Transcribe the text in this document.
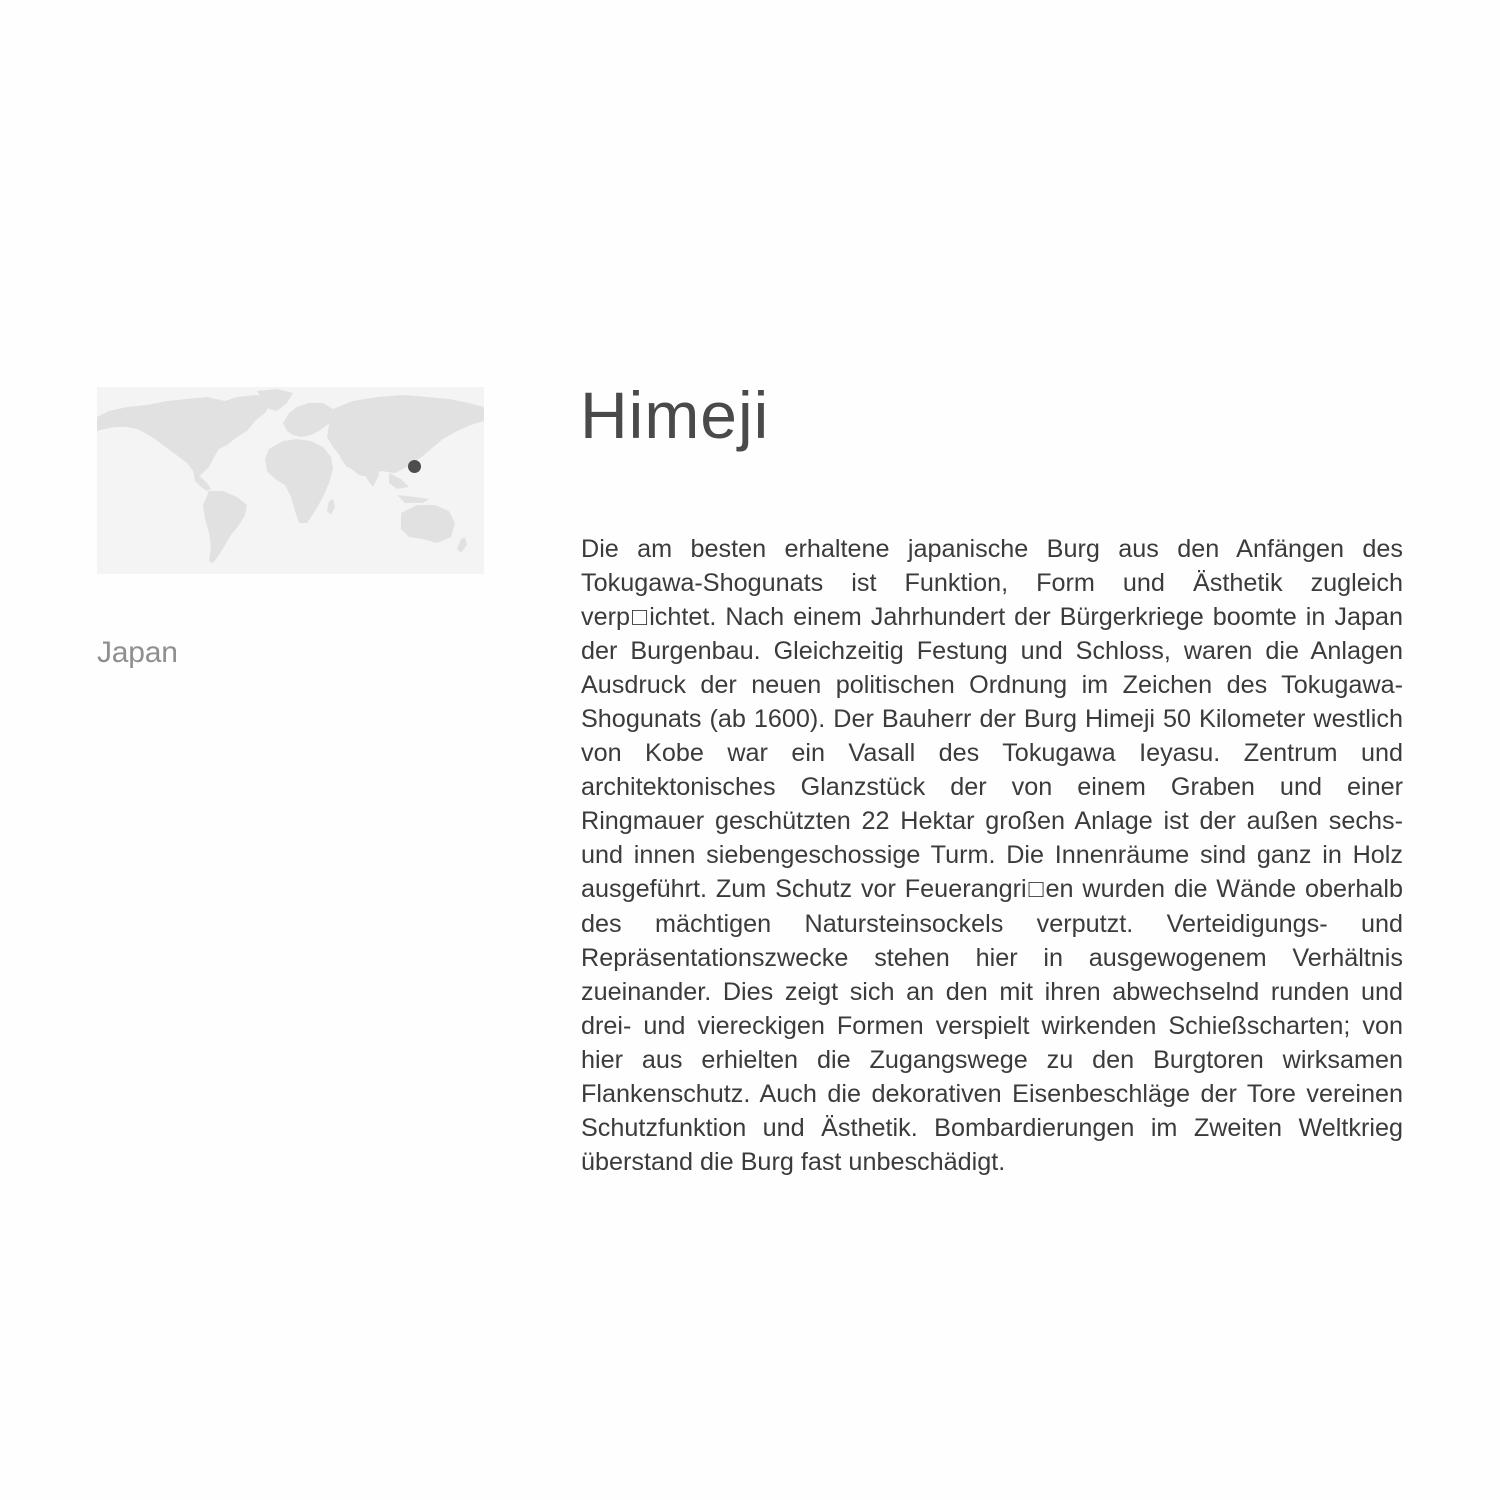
Japan
Himeji

Die am besten erhaltene japanische Burg aus den Anfängen des Tokugawa-Shogunats ist Funktion, Form und Ästhetik zugleich verp□ichtet. Nach einem Jahrhundert der Bürgerkriege boomte in Japan der Burgenbau. Gleichzeitig Festung und Schloss, waren die Anlagen Ausdruck der neuen politischen Ordnung im Zeichen des Tokugawa-Shogunats (ab 1600). Der Bauherr der Burg Himeji 50 Kilometer westlich von Kobe war ein Vasall des Tokugawa Ieyasu. Zentrum und architektonisches Glanzstück der von einem Graben und einer Ringmauer geschützten 22 Hektar großen Anlage ist der außen sechs- und innen siebengeschossige Turm. Die Innenräume sind ganz in Holz ausgeführt. Zum Schutz vor Feuerangri□en wurden die Wände oberhalb des mächtigen Natursteinsockels verputzt. Verteidigungs- und Repräsentationszwecke stehen hier in ausgewogenem Verhältnis zueinander. Dies zeigt sich an den mit ihren abwechselnd runden und drei- und viereckigen Formen verspielt wirkenden Schießscharten; von hier aus erhielten die Zugangswege zu den Burgtoren wirksamen Flankenschutz. Auch die dekorativen Eisenbeschläge der Tore vereinen Schutzfunktion und Ästhetik. Bombardierungen im Zweiten Weltkrieg überstand die Burg fast unbeschädigt.
